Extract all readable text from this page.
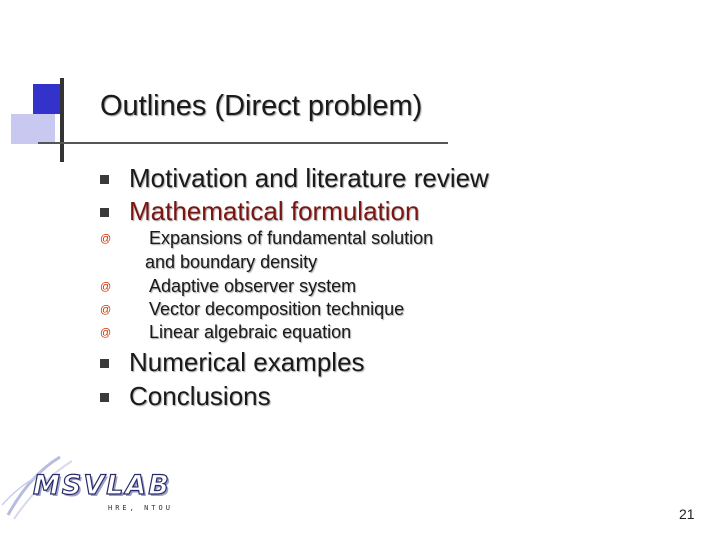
Outlines (Direct problem)
Motivation and literature review
Mathematical formulation
@ Expansions of fundamental solution
and boundary density
@ Adaptive observer system
@ Vector decomposition technique
@ Linear algebraic equation
Numerical examples
Conclusions
MSVLAB
HRE, NTOU	21
